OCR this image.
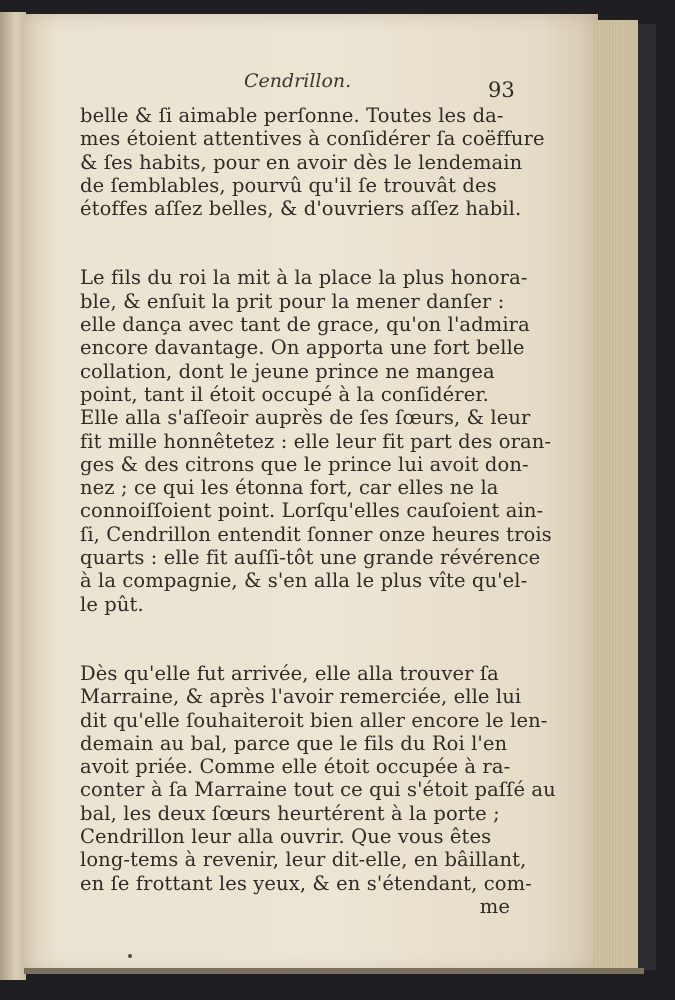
Cendrillon.	93
belle & ſi aimable perſonne. Toutes les da-
mes étoient attentives à conſidérer ſa coëffure
& ſes habits, pour en avoir dès le lendemain
de ſemblables, pourvû qu'il ſe trouvât des
étoffes aſſez belles, & d'ouvriers aſſez habil.
Le fils du roi la mit à la place la plus honora-
ble, & enſuit la prit pour la mener danſer :
elle dança avec tant de grace, qu'on l'admira
encore davantage. On apporta une fort belle
collation, dont le jeune prince ne mangea
point, tant il étoit occupé à la conſidérer.
Elle alla s'aſſeoir auprès de ſes ſœurs, & leur
fit mille honnêtetez : elle leur fit part des oran-
ges & des citrons que le prince lui avoit don-
nez ; ce qui les étonna fort, car elles ne la
connoiſſoient point. Lorſqu'elles cauſoient ain-
ſi, Cendrillon entendit ſonner onze heures trois
quarts : elle fit auſſi-tôt une grande révérence
à la compagnie, & s'en alla le plus vîte qu'el-
le pût.
Dès qu'elle fut arrivée, elle alla trouver ſa
Marraine, & après l'avoir remerciée, elle lui
dit qu'elle ſouhaiteroit bien aller encore le len-
demain au bal, parce que le fils du Roi l'en
avoit priée. Comme elle étoit occupée à ra-
conter à ſa Marraine tout ce qui s'étoit paſſé au
bal, les deux ſœurs heurtérent à la porte ;
Cendrillon leur alla ouvrir. Que vous êtes
long-tems à revenir, leur dit-elle, en bâillant,
en ſe frottant les yeux, & en s'étendant, com-
me
